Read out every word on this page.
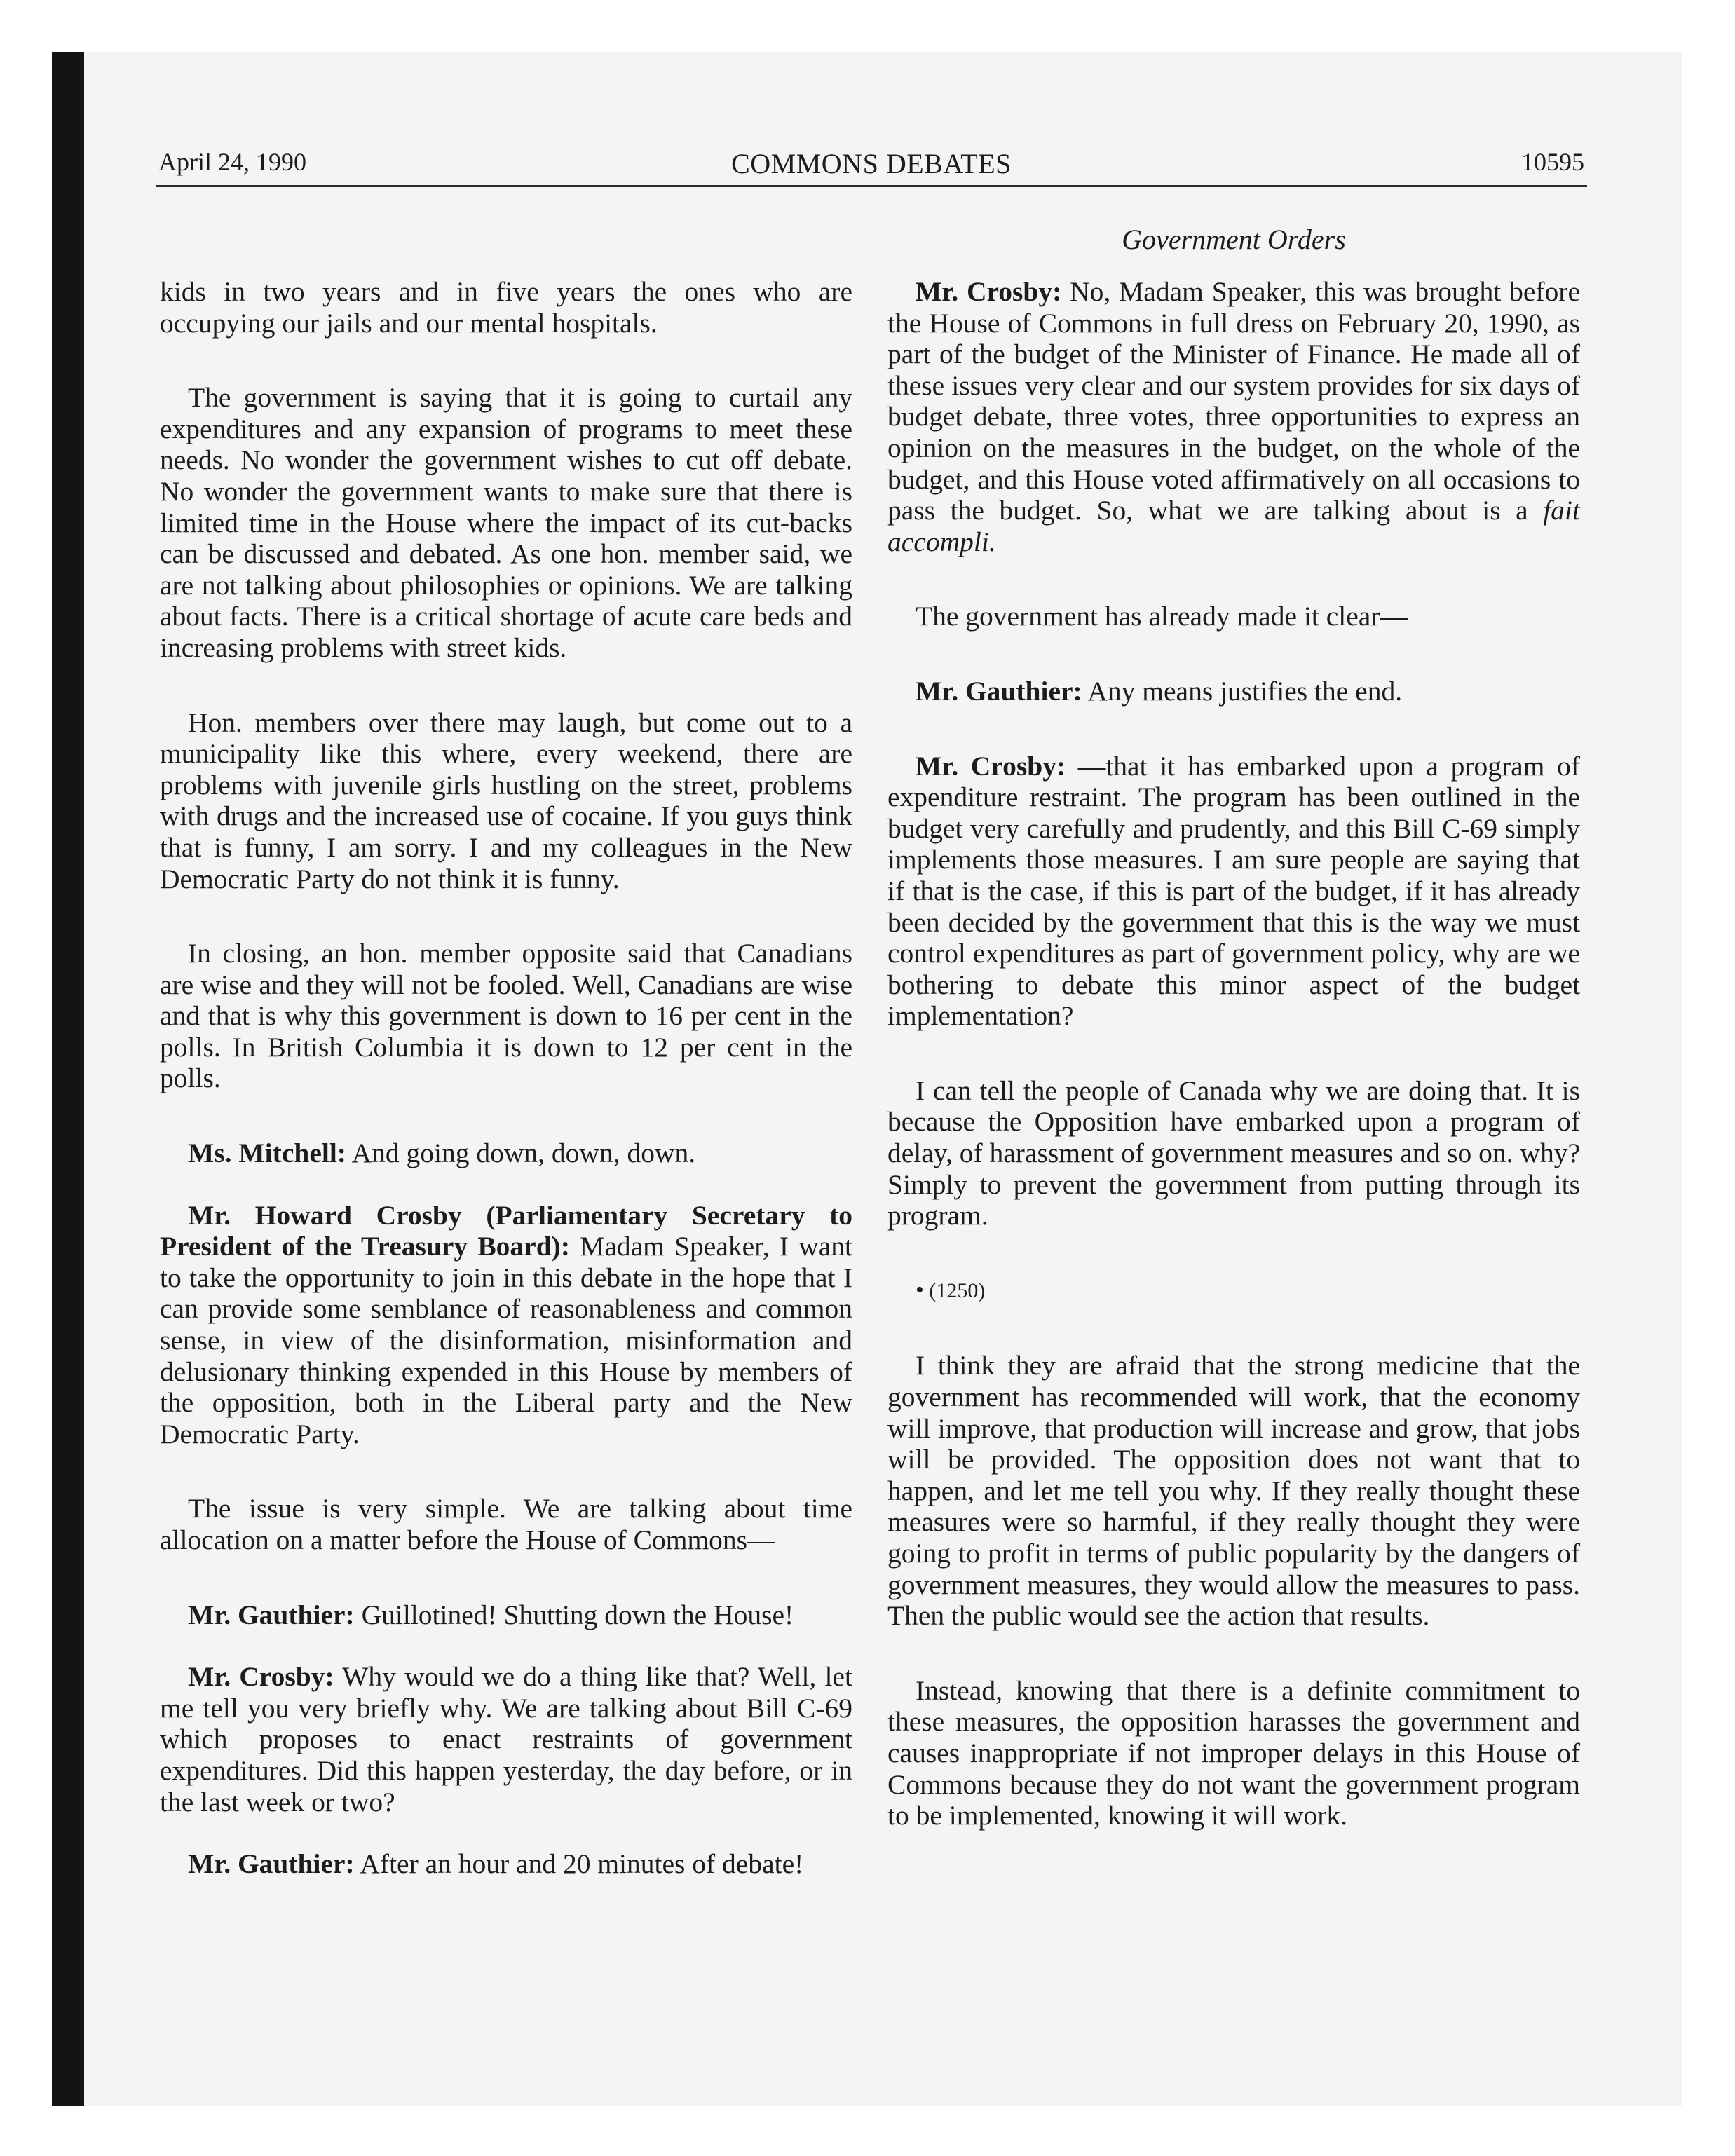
April 24, 1990	COMMONS DEBATES	10595
Government Orders

kids in two years and in five years the ones who are occupying our jails and our mental hospitals.

The government is saying that it is going to curtail any expenditures and any expansion of programs to meet these needs. No wonder the government wishes to cut off debate. No wonder the government wants to make sure that there is limited time in the House where the impact of its cut-backs can be discussed and debated. As one hon. member said, we are not talking about philosophies or opinions. We are talking about facts. There is a critical shortage of acute care beds and increasing problems with street kids.

Hon. members over there may laugh, but come out to a municipality like this where, every weekend, there are problems with juvenile girls hustling on the street, problems with drugs and the increased use of cocaine. If you guys think that is funny, I am sorry. I and my colleagues in the New Democratic Party do not think it is funny.

In closing, an hon. member opposite said that Canadians are wise and they will not be fooled. Well, Canadians are wise and that is why this government is down to 16 per cent in the polls. In British Columbia it is down to 12 per cent in the polls.

Ms. Mitchell: And going down, down, down.

Mr. Howard Crosby (Parliamentary Secretary to President of the Treasury Board): Madam Speaker, I want to take the opportunity to join in this debate in the hope that I can provide some semblance of reasonableness and common sense, in view of the disinformation, misinformation and delusionary thinking expended in this House by members of the opposition, both in the Liberal party and the New Democratic Party.

The issue is very simple. We are talking about time allocation on a matter before the House of Commons—

Mr. Gauthier: Guillotined! Shutting down the House!

Mr. Crosby: Why would we do a thing like that? Well, let me tell you very briefly why. We are talking about Bill C-69 which proposes to enact restraints of government expenditures. Did this happen yesterday, the day before, or in the last week or two?

Mr. Gauthier: After an hour and 20 minutes of debate!

Mr. Crosby: No, Madam Speaker, this was brought before the House of Commons in full dress on February 20, 1990, as part of the budget of the Minister of Finance. He made all of these issues very clear and our system provides for six days of budget debate, three votes, three opportunities to express an opinion on the measures in the budget, on the whole of the budget, and this House voted affirmatively on all occasions to pass the budget. So, what we are talking about is a fait accompli.

The government has already made it clear—

Mr. Gauthier: Any means justifies the end.

Mr. Crosby: —that it has embarked upon a program of expenditure restraint. The program has been outlined in the budget very carefully and prudently, and this Bill C-69 simply implements those measures. I am sure people are saying that if that is the case, if this is part of the budget, if it has already been decided by the government that this is the way we must control expenditures as part of government policy, why are we bothering to debate this minor aspect of the budget implementation?

I can tell the people of Canada why we are doing that. It is because the Opposition have embarked upon a program of delay, of harassment of government measures and so on. why? Simply to prevent the government from putting through its program.

• (1250)

I think they are afraid that the strong medicine that the government has recommended will work, that the economy will improve, that production will increase and grow, that jobs will be provided. The opposition does not want that to happen, and let me tell you why. If they really thought these measures were so harmful, if they really thought they were going to profit in terms of public popularity by the dangers of government measures, they would allow the measures to pass. Then the public would see the action that results.

Instead, knowing that there is a definite commitment to these measures, the opposition harasses the government and causes inappropriate if not improper delays in this House of Commons because they do not want the government program to be implemented, knowing it will work.
